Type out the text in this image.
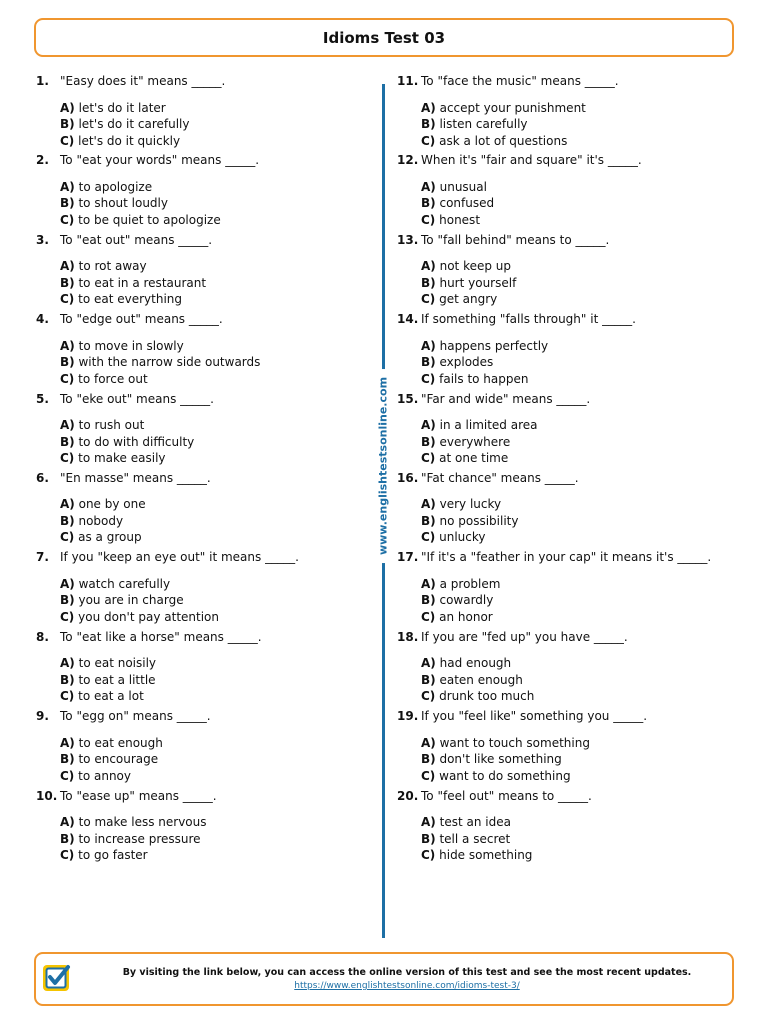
Idioms Test 03
1. "Easy does it" means _____.
A) let's do it later
B) let's do it carefully
C) let's do it quickly
2. To "eat your words" means _____.
A) to apologize
B) to shout loudly
C) to be quiet to apologize
3. To "eat out" means _____.
A) to rot away
B) to eat in a restaurant
C) to eat everything
4. To "edge out" means _____.
A) to move in slowly
B) with the narrow side outwards
C) to force out
5. To "eke out" means _____.
A) to rush out
B) to do with difficulty
C) to make easily
6. "En masse" means _____.
A) one by one
B) nobody
C) as a group
7. If you "keep an eye out" it means _____.
A) watch carefully
B) you are in charge
C) you don't pay attention
8. To "eat like a horse" means _____.
A) to eat noisily
B) to eat a little
C) to eat a lot
9. To "egg on" means _____.
A) to eat enough
B) to encourage
C) to annoy
10. To "ease up" means _____.
A) to make less nervous
B) to increase pressure
C) to go faster
www.englishtestsonline.com
11. To "face the music" means _____.
A) accept your punishment
B) listen carefully
C) ask a lot of questions
12. When it's "fair and square" it's _____.
A) unusual
B) confused
C) honest
13. To "fall behind" means to _____.
A) not keep up
B) hurt yourself
C) get angry
14. If something "falls through" it _____.
A) happens perfectly
B) explodes
C) fails to happen
15. "Far and wide" means _____.
A) in a limited area
B) everywhere
C) at one time
16. "Fat chance" means _____.
A) very lucky
B) no possibility
C) unlucky
17. "If it's a "feather in your cap" it means it's _____.
A) a problem
B) cowardly
C) an honor
18. If you are "fed up" you have _____.
A) had enough
B) eaten enough
C) drunk too much
19. If you "feel like" something you _____.
A) want to touch something
B) don't like something
C) want to do something
20. To "feel out" means to _____.
A) test an idea
B) tell a secret
C) hide something
By visiting the link below, you can access the online version of this test and see the most recent updates.
https://www.englishtestsonline.com/idioms-test-3/
